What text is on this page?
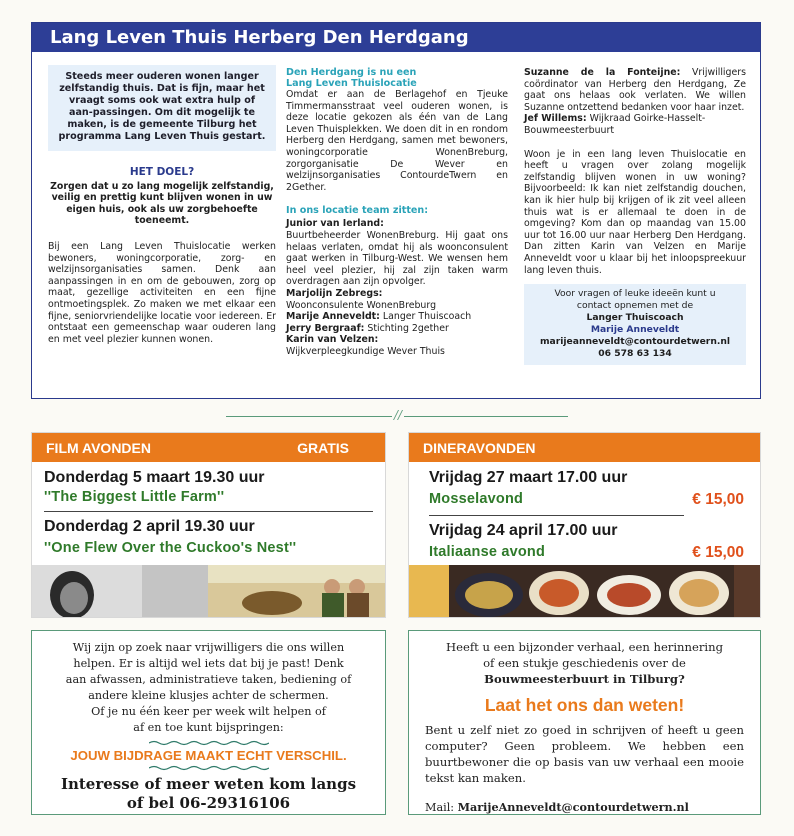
Lang Leven Thuis Herberg Den Herdgang
Steeds meer ouderen wonen langer zelfstandig thuis. Dat is fijn, maar het vraagt soms ook wat extra hulp of aan-passingen. Om dit mogelijk te maken, is de gemeente Tilburg het programma Lang Leven Thuis gestart.
HET DOEL?
Zorgen dat u zo lang mogelijk zelfstandig, veilig en prettig kunt blijven wonen in uw eigen huis, ook als uw zorgbehoefte toeneemt.

Bij een Lang Leven Thuislocatie werken bewoners, woningcorporatie, zorg- en welzijnsorganisaties samen. Denk aan aanpassingen in en om de gebouwen, zorg op maat, gezellige activiteiten en een fijne ontmoetingsplek. Zo maken we met elkaar een fijne, seniorvriendelijke locatie voor iedereen. Er ontstaat een gemeenschap waar ouderen lang en met veel plezier kunnen wonen.

Den Herdgang is nu een
Lang Leven Thuislocatie

Omdat er aan de Berlagehof en Tjeuke Timmermansstraat veel ouderen wonen, is deze locatie gekozen als één van de Lang Leven Thuisplekken. We doen dit in en rondom Herberg den Herdgang, samen met bewoners, woningcorporatie WonenBreburg, zorgorganisatie De Wever en welzijnsorganisaties ContourdeTwern en 2Gether.

In ons locatie team zitten:
Junior van Ierland:
Buurtbeheerder WonenBreburg. Hij gaat ons helaas verlaten, omdat hij als woonconsulent gaat werken in Tilburg-West. We wensen hem heel veel plezier, hij zal zijn taken warm overdragen aan zijn opvolger.
Marjolijn Zebregs:
Woonconsulente WonenBreburg
Marije Anneveldt: Langer Thuiscoach
Jerry Bergraaf: Stichting 2gether
Karin van Velzen:
Wijkverpleegkundige Wever Thuis

Suzanne de la Fonteijne: Vrijwilligers coördinator van Herberg den Herdgang, Ze gaat ons helaas ook verlaten. We willen Suzanne ontzettend bedanken voor haar inzet.

Jef Willems: Wijkraad Goirke-Hasselt-Bouwmeesterbuurt

Woon je in een lang leven Thuislocatie en heeft u vragen over zolang mogelijk zelfstandig blijven wonen in uw woning? Bijvoorbeeld: Ik kan niet zelfstandig douchen, kan ik hier hulp bij krijgen of ik zit veel alleen thuis wat is er allemaal te doen in de omgeving? Kom dan op maandag van 15.00 uur tot 16.00 uur naar Herberg Den Herdgang. Dan zitten Karin van Velzen en Marije Anneveldt voor u klaar bij het inloopspreekuur lang leven thuis.

Voor vragen of leuke ideeën kunt u
contact opnemen met de
Langer Thuiscoach
Marije Anneveldt
marijeanneveldt@contourdetwern.nl
06 578 63 134
//
FILM AVONDEN	GRATIS
Donderdag 5 maart 19.30 uur
''The Biggest Little Farm''
Donderdag 2 april 19.30 uur
''One Flew Over the Cuckoo's Nest''
DINERAVONDEN
Vrijdag 27 maart 17.00 uur
Mosselavond	€ 15,00
Vrijdag 24 april 17.00 uur
Italiaanse avond	€ 15,00
Wij zijn op zoek naar vrijwilligers die ons willen
helpen. Er is altijd wel iets dat bij je past! Denk
aan afwassen, administratieve taken, bediening of
andere kleine klusjes achter de schermen.
Of je nu één keer per week wilt helpen of
af en toe kunt bijspringen:
JOUW BIJDRAGE MAAKT ECHT VERSCHIL.
Interesse of meer weten kom langs
of bel 06-29316106
Heeft u een bijzonder verhaal, een herinnering
of een stukje geschiedenis over de
Bouwmeesterbuurt in Tilburg?
Laat het ons dan weten!

Bent u zelf niet zo goed in schrijven of heeft u geen computer? Geen probleem. We hebben een buurtbewoner die op basis van uw verhaal een mooie tekst kan maken.

Mail: MarijeAnneveldt@contourdetwern.nl
